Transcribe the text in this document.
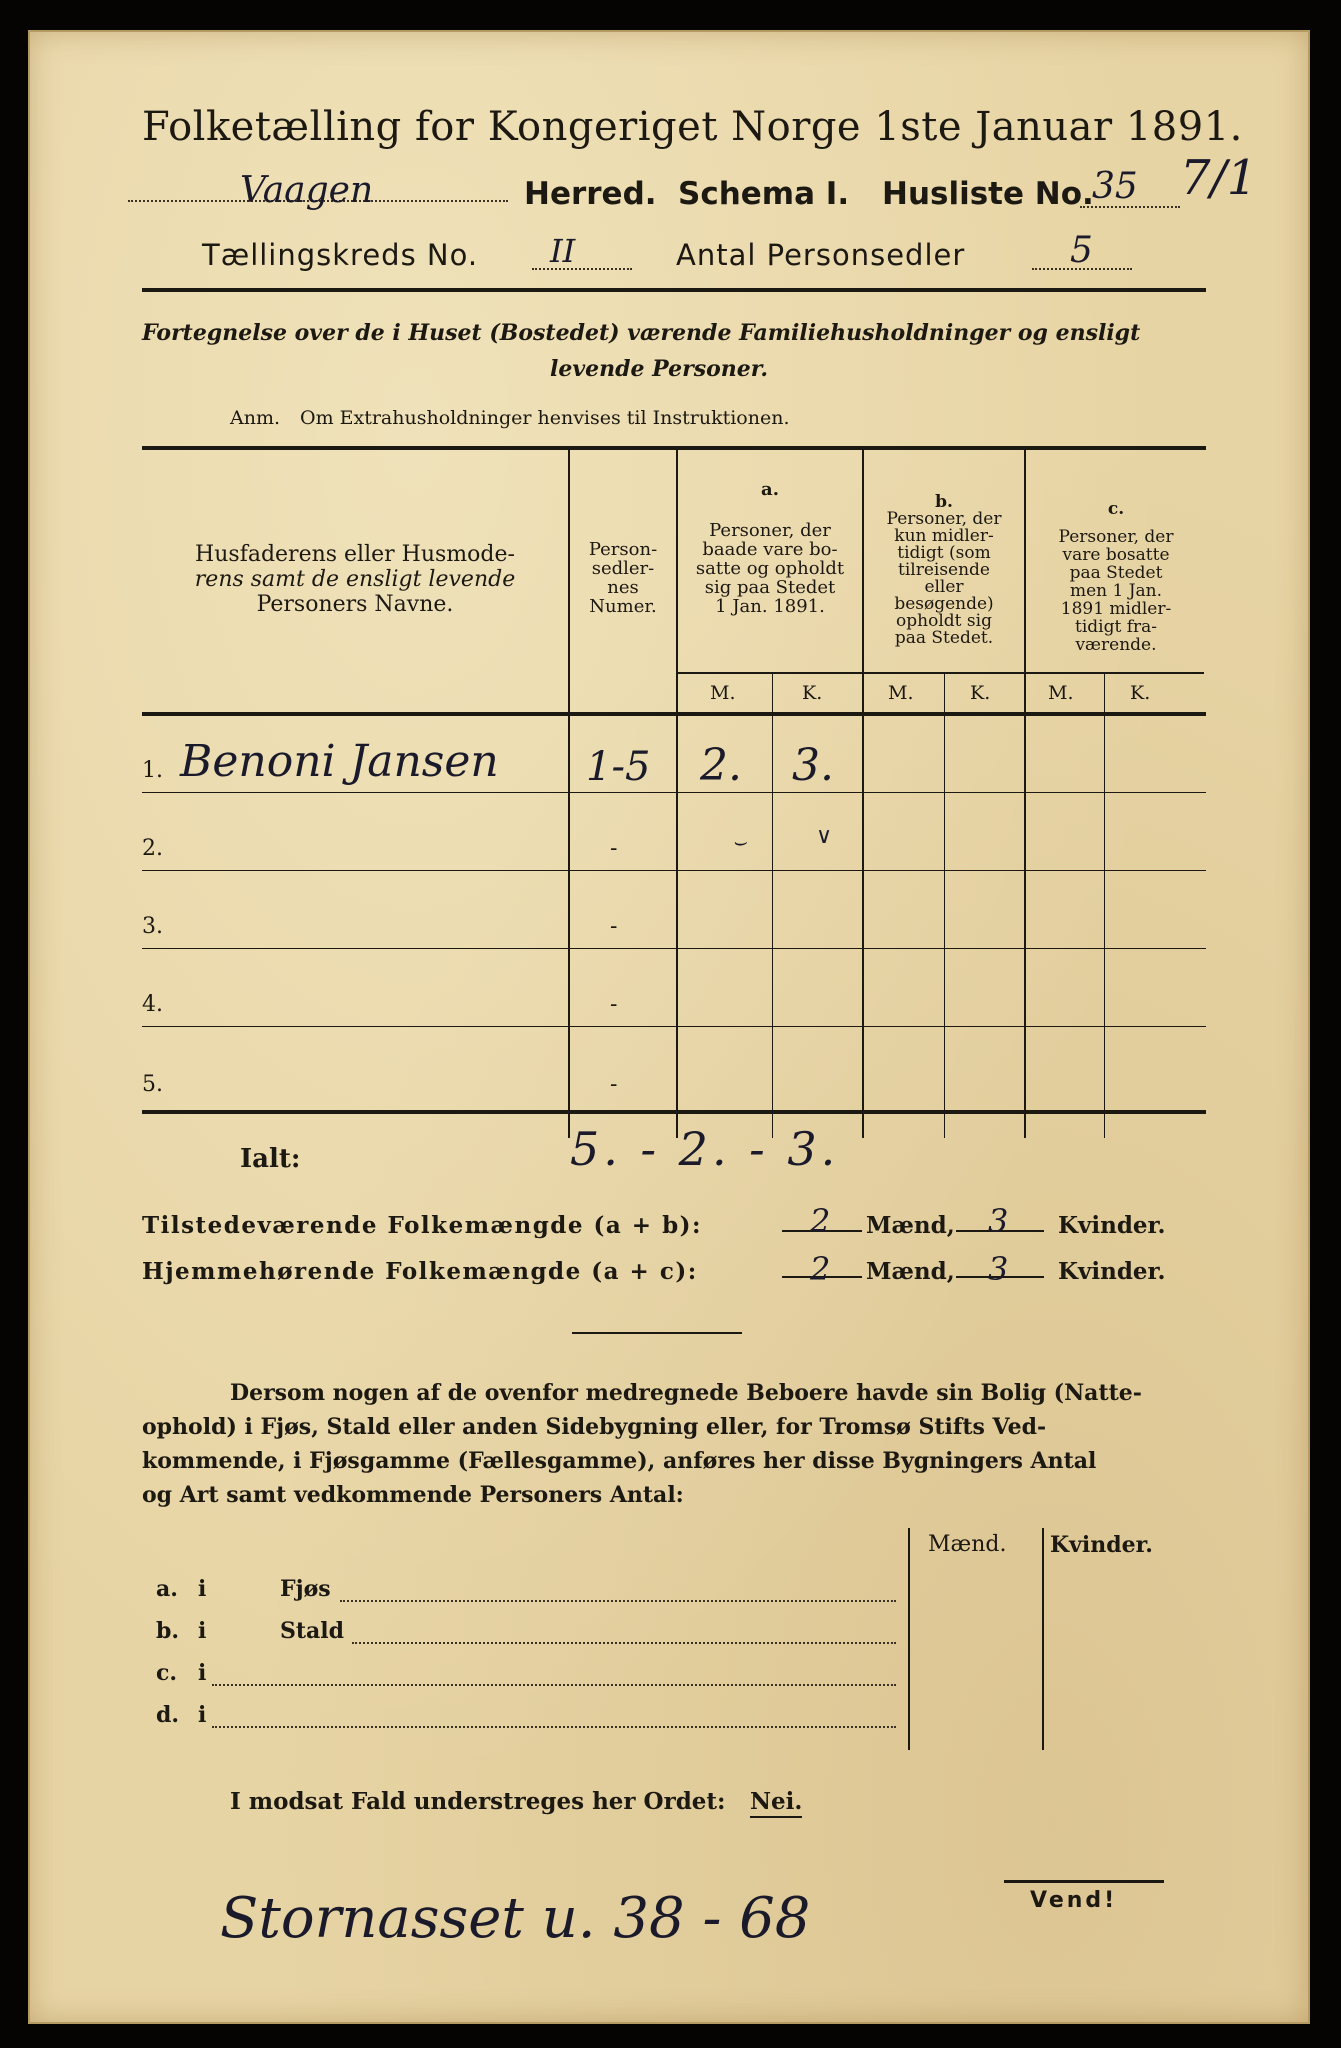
Folketælling for Kongeriget Norge 1ste Januar 1891.
Vaagen	Herred. Schema I. Husliste No.
35 7/1
Tællingskreds No. II	Antal Personsedler	5
Fortegnelse over de i Huset (Bostedet) værende Familiehusholdninger og ensligt
levende Personer.
Anm. Om Extrahusholdninger henvises til Instruktionen.
Husfaderens eller Husmode-
rens samt de ensligt levende
Personers Navne.
Person-
sedler-
nes
Numer.
a.
Personer, der
baade vare bo-
satte og opholdt
sig paa Stedet
1 Jan. 1891.
b.
Personer, der
kun midler-
tidigt (som
tilreisende
eller
besøgende)
opholdt sig
paa Stedet.
c.
Personer, der
vare bosatte
paa Stedet
men 1 Jan.
1891 midler-
tidigt fra-
værende.
M.	K.	M.	K.	M.	K.
1. Benoni Jansen 1-5 2. 3.
2.	-	⌣	∨
3.	-
4.	-
5.	-
Ialt:	5. - 2. - 3.
Tilstedeværende Folkemængde (a + b):	2 Mænd, 3 Kvinder.
Hjemmehørende Folkemængde (a + c):	2 Mænd, 3 Kvinder.
Dersom nogen af de ovenfor medregnede Beboere havde sin Bolig (Natte-
ophold) i Fjøs, Stald eller anden Sidebygning eller, for Tromsø Stifts Ved-
kommende, i Fjøsgamme (Fællesgamme), anføres her disse Bygningers Antal
og Art samt vedkommende Personers Antal:
Mænd. Kvinder.
a. i	Fjøs
b. i	Stald
c. i
d. i
I modsat Fald understreges her Ordet: Nei.
Vend!
Stornasset u. 38 - 68
